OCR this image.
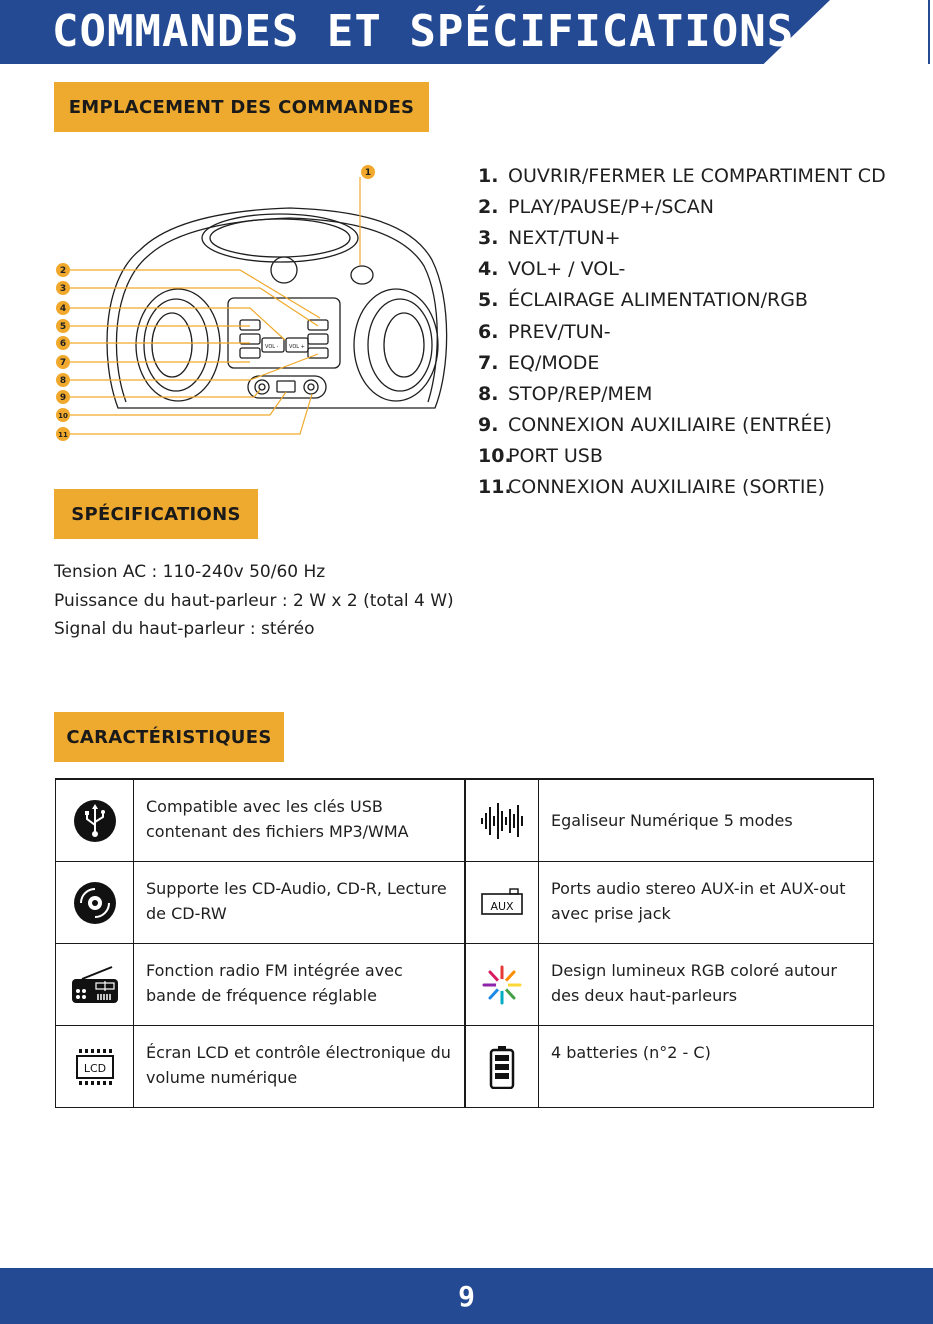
COMMANDES ET SPÉCIFICATIONS
EMPLACEMENT DES COMMANDES
VOL - VOL +
1
2
3
4
5
6
7
8
9
10
11
1. OUVRIR/FERMER LE COMPARTIMENT CD
2. PLAY/PAUSE/P+/SCAN
3. NEXT/TUN+
4. VOL+ / VOL-
5. ÉCLAIRAGE ALIMENTATION/RGB
6. PREV/TUN-
7. EQ/MODE
8. STOP/REP/MEM
9. CONNEXION AUXILIAIRE (ENTRÉE)
10.
PORT USB
11.
CONNEXION AUXILIAIRE (SORTIE)
SPÉCIFICATIONS
Tension AC : 110-240v 50/60 Hz
Puissance du haut-parleur : 2 W x 2 (total 4 W)
Signal du haut-parleur : stéréo
CARACTÉRISTIQUES
	Compatible avec les clés USB contenant des fichiers MP3/WMA		Egaliseur Numérique 5 modes
	Supporte les CD-Audio, CD-R, Lecture de CD-RW	AUX	Ports audio stereo AUX-in et AUX-out avec prise jack
	Fonction radio FM intégrée avec bande de fréquence réglable		Design lumineux RGB coloré autour des deux haut-parleurs

LCD	Écran LCD et contrôle électronique du volume numérique		4 batteries (n°2 - C)
9
